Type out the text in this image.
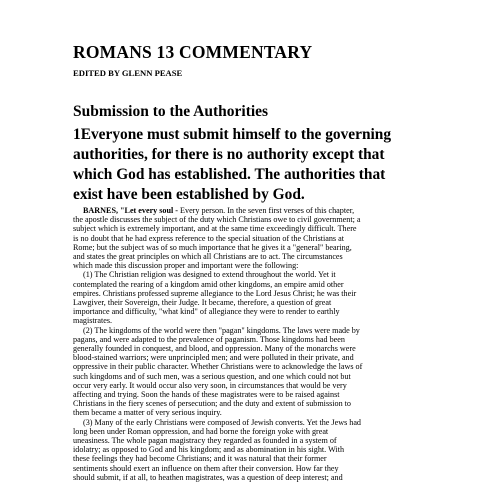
ROMANS 13 COMMENTARY
EDITED BY GLENN PEASE
Submission to the Authorities
1Everyone must submit himself to the governing
authorities, for there is no authority except that
which God has established. The authorities that
exist have been established by God.
BARNES, "Let every soul - Every person. In the seven first verses of this chapter,
the apostle discusses the subject of the duty which Christians owe to civil government; a
subject which is extremely important, and at the same time exceedingly difficult. There
is no doubt that he had express reference to the special situation of the Christians at
Rome; but the subject was of so much importance that he gives it a "general" bearing,
and states the great principles on which all Christians are to act. The circumstances
which made this discussion proper and important were the following:
(1) The Christian religion was designed to extend throughout the world. Yet it
contemplated the rearing of a kingdom amid other kingdoms, an empire amid other
empires. Christians professed supreme allegiance to the Lord Jesus Christ; he was their
Lawgiver, their Sovereign, their Judge. It became, therefore, a question of great
importance and difficulty, "what kind" of allegiance they were to render to earthly
magistrates.
(2) The kingdoms of the world were then "pagan" kingdoms. The laws were made by
pagans, and were adapted to the prevalence of paganism. Those kingdoms had been
generally founded in conquest, and blood, and oppression. Many of the monarchs were
blood-stained warriors; were unprincipled men; and were polluted in their private, and
oppressive in their public character. Whether Christians were to acknowledge the laws of
such kingdoms and of such men, was a serious question, and one which could not but
occur very early. It would occur also very soon, in circumstances that would be very
affecting and trying. Soon the hands of these magistrates were to be raised against
Christians in the fiery scenes of persecution; and the duty and extent of submission to
them became a matter of very serious inquiry.
(3) Many of the early Christians were composed of Jewish converts. Yet the Jews had
long been under Roman oppression, and had borne the foreign yoke with great
uneasiness. The whole pagan magistracy they regarded as founded in a system of
idolatry; as opposed to God and his kingdom; and as abomination in his sight. With
these feelings they had become Christians; and it was natural that their former
sentiments should exert an influence on them after their conversion. How far they
should submit, if at all, to heathen magistrates, was a question of deep interest; and
